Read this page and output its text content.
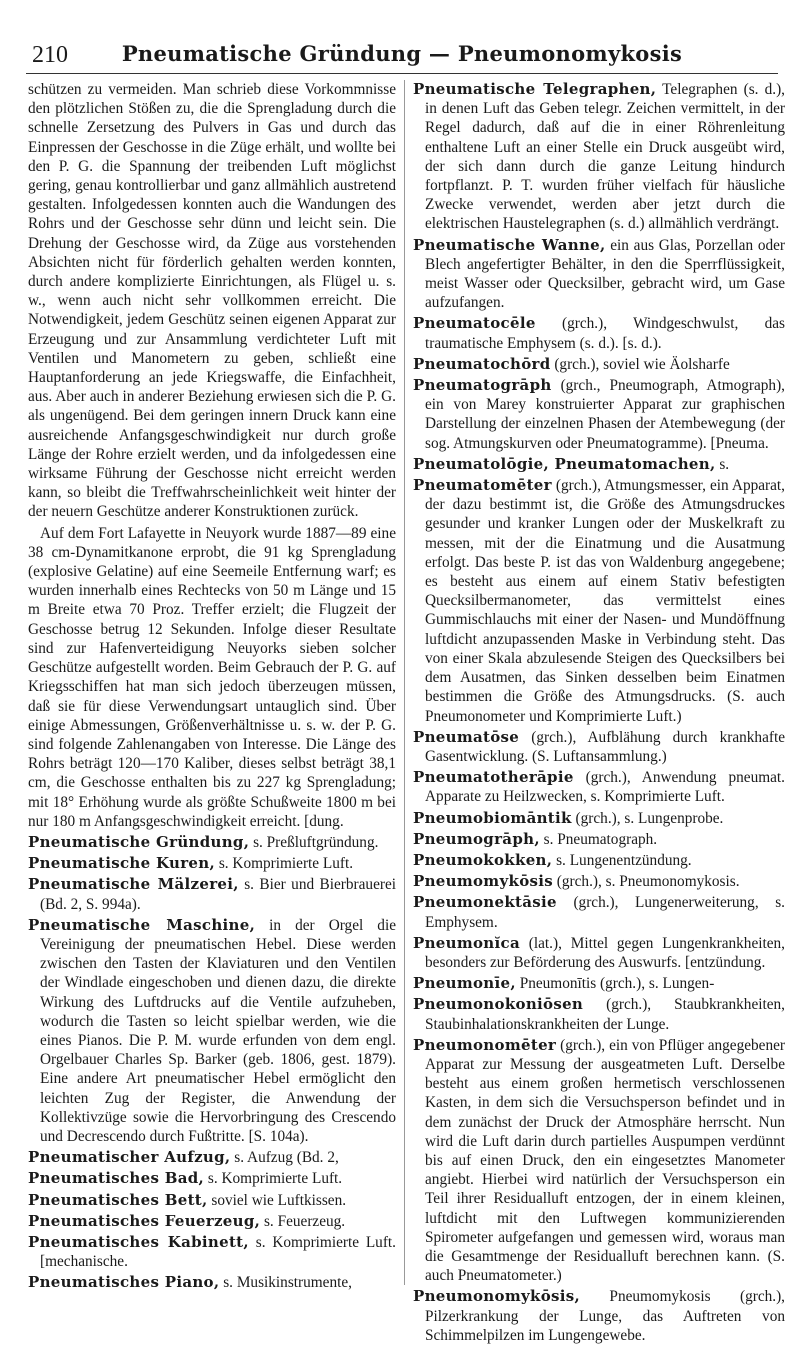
210	Pneumatische Gründung — Pneumonomykosis

schützen zu vermeiden. Man schrieb diese Vorkommnisse den plötzlichen Stößen zu, die die Sprengladung durch die schnelle Zersetzung des Pulvers in Gas und durch das Einpressen der Geschosse in die Züge erhält, und wollte bei den P. G. die Spannung der treibenden Luft möglichst gering, genau kontrollierbar und ganz allmählich austretend gestalten. Infolgedessen konnten auch die Wandungen des Rohrs und der Geschosse sehr dünn und leicht sein. Die Drehung der Geschosse wird, da Züge aus vorstehenden Absichten nicht für förderlich gehalten werden konnten, durch andere komplizierte Einrichtungen, als Flügel u. s. w., wenn auch nicht sehr vollkommen erreicht. Die Notwendigkeit, jedem Geschütz seinen eigenen Apparat zur Erzeugung und zur Ansammlung verdichteter Luft mit Ventilen und Manometern zu geben, schließt eine Hauptanforderung an jede Kriegswaffe, die Einfachheit, aus. Aber auch in anderer Beziehung erwiesen sich die P. G. als ungenügend. Bei dem geringen innern Druck kann eine ausreichende Anfangsgeschwindigkeit nur durch große Länge der Rohre erzielt werden, und da infolgedessen eine wirksame Führung der Geschosse nicht erreicht werden kann, so bleibt die Treffwahrscheinlichkeit weit hinter der der neuern Geschütze anderer Konstruktionen zurück.

Auf dem Fort Lafayette in Neuyork wurde 1887—89 eine 38 cm-Dynamitkanone erprobt, die 91 kg Sprengladung (explosive Gelatine) auf eine Seemeile Entfernung warf; es wurden innerhalb eines Rechtecks von 50 m Länge und 15 m Breite etwa 70 Proz. Treffer erzielt; die Flugzeit der Geschosse betrug 12 Sekunden. Infolge dieser Resultate sind zur Hafenverteidigung Neuyorks sieben solcher Geschütze aufgestellt worden. Beim Gebrauch der P. G. auf Kriegsschiffen hat man sich jedoch überzeugen müssen, daß sie für diese Verwendungsart untauglich sind. Über einige Abmessungen, Größenverhältnisse u. s. w. der P. G. sind folgende Zahlenangaben von Interesse. Die Länge des Rohrs beträgt 120—170 Kaliber, dieses selbst beträgt 38,1 cm, die Geschosse enthalten bis zu 227 kg Sprengladung; mit 18° Erhöhung wurde als größte Schußweite 1800 m bei nur 180 m Anfangsgeschwindigkeit erreicht. [dung.

Pneumatische Gründung, s. Preßluftgründung.

Pneumatische Kuren, s. Komprimierte Luft.

Pneumatische Mälzerei, s. Bier und Bierbrauerei (Bd. 2, S. 994a).

Pneumatische Maschine, in der Orgel die Vereinigung der pneumatischen Hebel. Diese werden zwischen den Tasten der Klaviaturen und den Ventilen der Windlade eingeschoben und dienen dazu, die direkte Wirkung des Luftdrucks auf die Ventile aufzuheben, wodurch die Tasten so leicht spielbar werden, wie die eines Pianos. Die P. M. wurde erfunden von dem engl. Orgelbauer Charles Sp. Barker (geb. 1806, gest. 1879). Eine andere Art pneumatischer Hebel ermöglicht den leichten Zug der Register, die Anwendung der Kollektivzüge sowie die Hervorbringung des Crescendo und Decrescendo durch Fußtritte. [S. 104a).

Pneumatischer Aufzug, s. Aufzug (Bd. 2,

Pneumatisches Bad, s. Komprimierte Luft.

Pneumatisches Bett, soviel wie Luftkissen.

Pneumatisches Feuerzeug, s. Feuerzeug.

Pneumatisches Kabinett, s. Komprimierte Luft. [mechanische.

Pneumatisches Piano, s. Musikinstrumente,

Pneumatische Telegraphen, Telegraphen (s. d.), in denen Luft das Geben telegr. Zeichen vermittelt, in der Regel dadurch, daß auf die in einer Röhrenleitung enthaltene Luft an einer Stelle ein Druck ausgeübt wird, der sich dann durch die ganze Leitung hindurch fortpflanzt. P. T. wurden früher vielfach für häusliche Zwecke verwendet, werden aber jetzt durch die elektrischen Haustelegraphen (s. d.) allmählich verdrängt.

Pneumatische Wanne, ein aus Glas, Porzellan oder Blech angefertigter Behälter, in den die Sperrflüssigkeit, meist Wasser oder Quecksilber, gebracht wird, um Gase aufzufangen.

Pneumatocēle (grch.), Windgeschwulst, das traumatische Emphysem (s. d.). [s. d.).

Pneumatochōrd (grch.), soviel wie Äolsharfe

Pneumatogrāph (grch., Pneumograph, Atmograph), ein von Marey konstruierter Apparat zur graphischen Darstellung der einzelnen Phasen der Atembewegung (der sog. Atmungskurven oder Pneumatogramme). [Pneuma.

Pneumatolōgie, Pneumatomachen, s.

Pneumatomēter (grch.), Atmungsmesser, ein Apparat, der dazu bestimmt ist, die Größe des Atmungsdruckes gesunder und kranker Lungen oder der Muskelkraft zu messen, mit der die Einatmung und die Ausatmung erfolgt. Das beste P. ist das von Waldenburg angegebene; es besteht aus einem auf einem Stativ befestigten Quecksilbermanometer, das vermittelst eines Gummischlauchs mit einer der Nasen- und Mundöffnung luftdicht anzupassenden Maske in Verbindung steht. Das von einer Skala abzulesende Steigen des Quecksilbers bei dem Ausatmen, das Sinken desselben beim Einatmen bestimmen die Größe des Atmungsdrucks. (S. auch Pneumonometer und Komprimierte Luft.)

Pneumatōse (grch.), Aufblähung durch krankhafte Gasentwicklung. (S. Luftansammlung.)

Pneumatotherāpie (grch.), Anwendung pneumat. Apparate zu Heilzwecken, s. Komprimierte Luft.

Pneumobiomāntik (grch.), s. Lungenprobe.

Pneumogrāph, s. Pneumatograph.

Pneumokokken, s. Lungenentzündung.

Pneumomykōsis (grch.), s. Pneumonomykosis.

Pneumonektāsie (grch.), Lungenerweiterung, s. Emphysem.

Pneumonĭca (lat.), Mittel gegen Lungenkrankheiten, besonders zur Beförderung des Auswurfs. [entzündung.

Pneumonīe, Pneumonītis (grch.), s. Lungen-

Pneumonokoniōsen (grch.), Staubkrankheiten, Staubinhalationskrankheiten der Lunge.

Pneumonomēter (grch.), ein von Pflüger angegebener Apparat zur Messung der ausgeatmeten Luft. Derselbe besteht aus einem großen hermetisch verschlossenen Kasten, in dem sich die Versuchsperson befindet und in dem zunächst der Druck der Atmosphäre herrscht. Nun wird die Luft darin durch partielles Auspumpen verdünnt bis auf einen Druck, den ein eingesetztes Manometer angiebt. Hierbei wird natürlich der Versuchsperson ein Teil ihrer Residualluft entzogen, der in einem kleinen, luftdicht mit den Luftwegen kommunizierenden Spirometer aufgefangen und gemessen wird, woraus man die Gesamtmenge der Residualluft berechnen kann. (S. auch Pneumatometer.)

Pneumonomykōsis, Pneumomykosis (grch.), Pilzerkrankung der Lunge, das Auftreten von Schimmelpilzen im Lungengewebe.
